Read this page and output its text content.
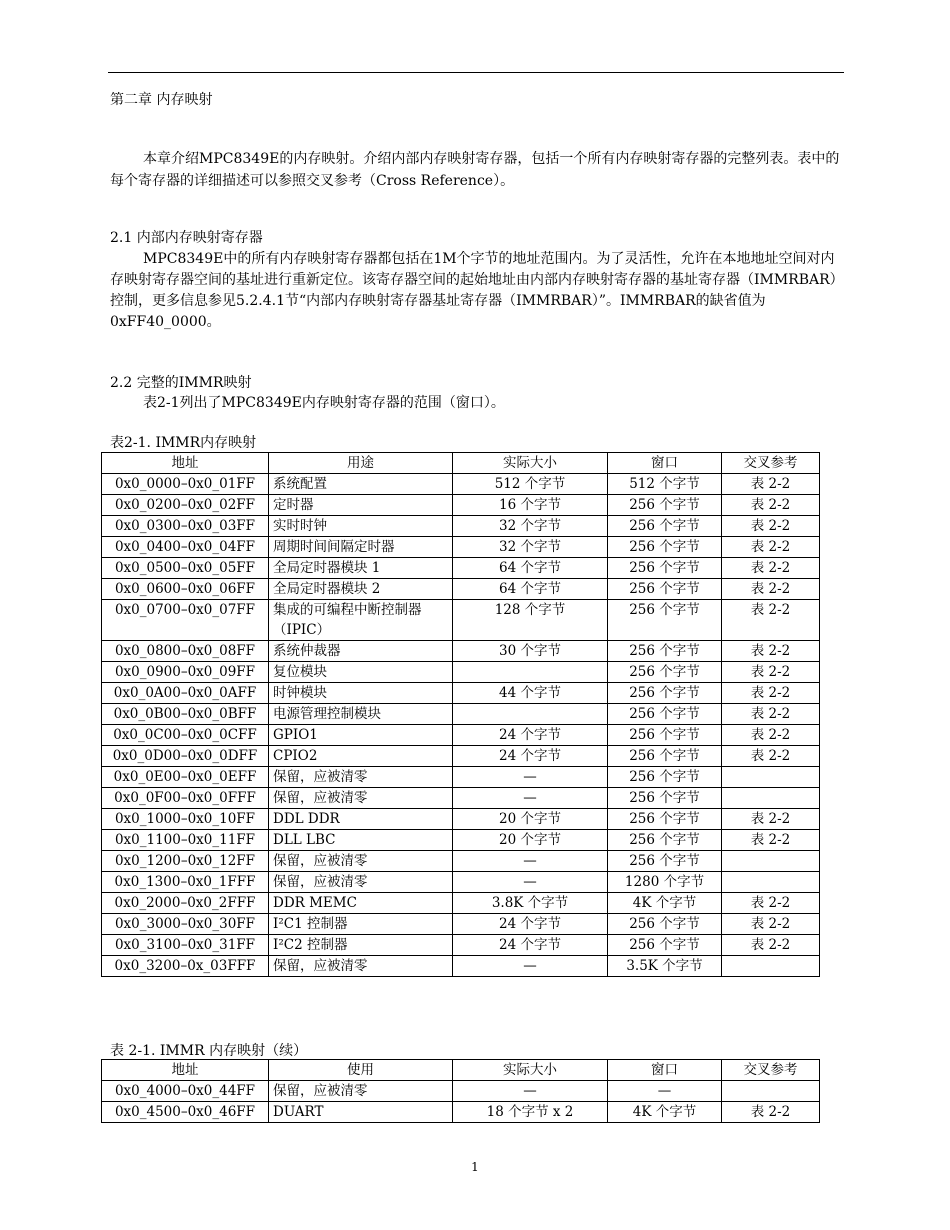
第二章 内存映射
本章介绍MPC8349E的内存映射。介绍内部内存映射寄存器，包括一个所有内存映射寄存器的完整列表。表中的每个寄存器的详细描述可以参照交叉参考（Cross Reference）。
2.1 内部内存映射寄存器
MPC8349E中的所有内存映射寄存器都包括在1M个字节的地址范围内。为了灵活性，允许在本地地址空间对内存映射寄存器空间的基址进行重新定位。该寄存器空间的起始地址由内部内存映射寄存器的基址寄存器（IMMRBAR）控制，更多信息参见5.2.4.1节“内部内存映射寄存器基址寄存器（IMMRBAR）”。IMMRBAR的缺省值为0xFF40_0000。
2.2 完整的IMMR映射
表2-1列出了MPC8349E内存映射寄存器的范围（窗口）。
表2-1. IMMR内存映射
地址	用途	实际大小	窗口	交叉参考
0x0_0000–0x0_01FF	系统配置	512 个字节	512 个字节	表 2-2
0x0_0200–0x0_02FF	定时器	16 个字节	256 个字节	表 2-2
0x0_0300–0x0_03FF	实时时钟	32 个字节	256 个字节	表 2-2
0x0_0400–0x0_04FF	周期时间间隔定时器	32 个字节	256 个字节	表 2-2
0x0_0500–0x0_05FF	全局定时器模块 1	64 个字节	256 个字节	表 2-2
0x0_0600–0x0_06FF	全局定时器模块 2	64 个字节	256 个字节	表 2-2
0x0_0700–0x0_07FF	集成的可编程中断控制器（IPIC）	128 个字节	256 个字节	表 2-2
0x0_0800–0x0_08FF	系统仲裁器	30 个字节	256 个字节	表 2-2
0x0_0900–0x0_09FF	复位模块		256 个字节	表 2-2
0x0_0A00–0x0_0AFF	时钟模块	44 个字节	256 个字节	表 2-2
0x0_0B00–0x0_0BFF	电源管理控制模块		256 个字节	表 2-2
0x0_0C00–0x0_0CFF	GPIO1	24 个字节	256 个字节	表 2-2
0x0_0D00–0x0_0DFF	CPIO2	24 个字节	256 个字节	表 2-2
0x0_0E00–0x0_0EFF	保留，应被清零	—	256 个字节	
0x0_0F00–0x0_0FFF	保留，应被清零	—	256 个字节	
0x0_1000–0x0_10FF	DDL DDR	20 个字节	256 个字节	表 2-2
0x0_1100–0x0_11FF	DLL LBC	20 个字节	256 个字节	表 2-2
0x0_1200–0x0_12FF	保留，应被清零	—	256 个字节	
0x0_1300–0x0_1FFF	保留，应被清零	—	1280 个字节	
0x0_2000–0x0_2FFF	DDR MEMC	3.8K 个字节	4K 个字节	表 2-2
0x0_3000–0x0_30FF	I²C1 控制器	24 个字节	256 个字节	表 2-2
0x0_3100–0x0_31FF	I²C2 控制器	24 个字节	256 个字节	表 2-2
0x0_3200–0x_03FFF	保留，应被清零	—	3.5K 个字节	
表 2-1. IMMR 内存映射（续）
地址	使用	实际大小	窗口	交叉参考
0x0_4000–0x0_44FF	保留，应被清零	—	—	
0x0_4500–0x0_46FF	DUART	18 个字节 x 2	4K 个字节	表 2-2
1
